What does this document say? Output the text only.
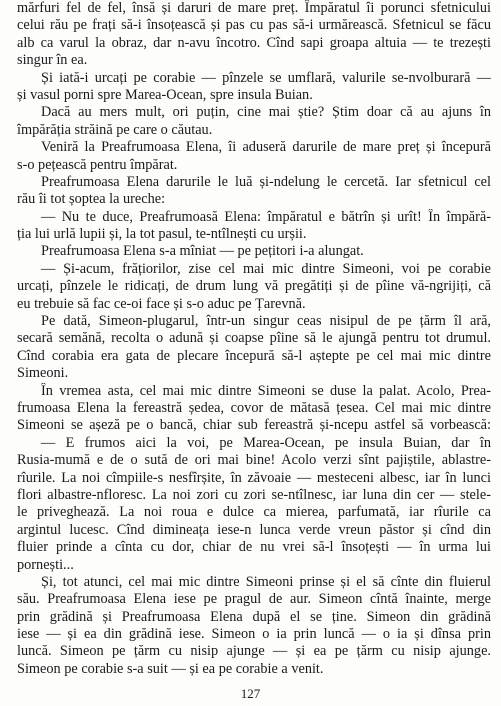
mărfuri fel de fel, însă și daruri de mare preț. Împăratul îi porunci sfetnicului
celui rău pe frați să-i însoțească și pas cu pas să-i urmărească. Sfetnicul se făcu
alb ca varul la obraz, dar n-avu încotro. Cînd sapi groapa altuia — te trezești
singur în ea.
Și iată-i urcați pe corabie — pînzele se umflară, valurile se-nvolburară —
și vasul porni spre Marea-Ocean, spre insula Buian.
Dacă au mers mult, ori puțin, cine mai știe? Știm doar că au ajuns în
împărăția străină pe care o căutau.
Veniră la Preafrumoasa Elena, îi aduseră darurile de mare preț și începură
s-o pețească pentru împărat.
Preafrumoasa Elena darurile le luă și-ndelung le cercetă. Iar sfetnicul cel
rău îi tot șoptea la ureche:
— Nu te duce, Preafrumoasă Elena: împăratul e bătrîn și urît! În împără-
ția lui urlă lupii și, la tot pasul, te-ntîlnești cu urșii.
Preafrumoasa Elena s-a mîniat — pe pețitori i-a alungat.
— Și-acum, frățiorilor, zise cel mai mic dintre Simeoni, voi pe corabie
urcați, pînzele le ridicați, de drum lung vă pregătiți și de pîine vă-ngrijiți, că
eu trebuie să fac ce-oi face și s-o aduc pe Țarevnă.
Pe dată, Simeon-plugarul, într-un singur ceas nisipul de pe țărm îl ară,
secară semănă, recolta o adună și coapse pîine să le ajungă pentru tot drumul.
Cînd corabia era gata de plecare începură să-l aștepte pe cel mai mic dintre
Simeoni.
În vremea asta, cel mai mic dintre Simeoni se duse la palat. Acolo, Prea-
frumoasa Elena la fereastră ședea, covor de mătasă țesea. Cel mai mic dintre
Simeoni se așeză pe o bancă, chiar sub fereastră și-ncepu astfel să vorbească:
— E frumos aici la voi, pe Marea-Ocean, pe insula Buian, dar în
Rusia-mumă e de o sută de ori mai bine! Acolo verzi sînt pajiștile, ablastre-
rîurile. La noi cîmpiile-s nesfîrșite, în zăvoaie — mesteceni albesc, iar în lunci
flori albastre-nfloresc. La noi zori cu zori se-ntîlnesc, iar luna din cer — stele-
le priveghează. La noi roua e dulce ca mierea, parfumată, iar rîurile ca
argintul lucesc. Cînd dimineața iese-n lunca verde vreun păstor și cînd din
fluier prinde a cînta cu dor, chiar de nu vrei să-l însoțești — în urma lui
pornești...
Și, tot atunci, cel mai mic dintre Simeoni prinse și el să cînte din fluierul
său. Preafrumoasa Elena iese pe pragul de aur. Simeon cîntă înainte, merge
prin grădină și Preafrumoasa Elena după el se ține. Simeon din grădină
iese — și ea din grădină iese. Simeon o ia prin luncă — o ia și dînsa prin
luncă. Simeon pe țărm cu nisip ajunge — și ea pe țărm cu nisip ajunge.
Simeon pe corabie s-a suit — și ea pe corabie a venit.
127
